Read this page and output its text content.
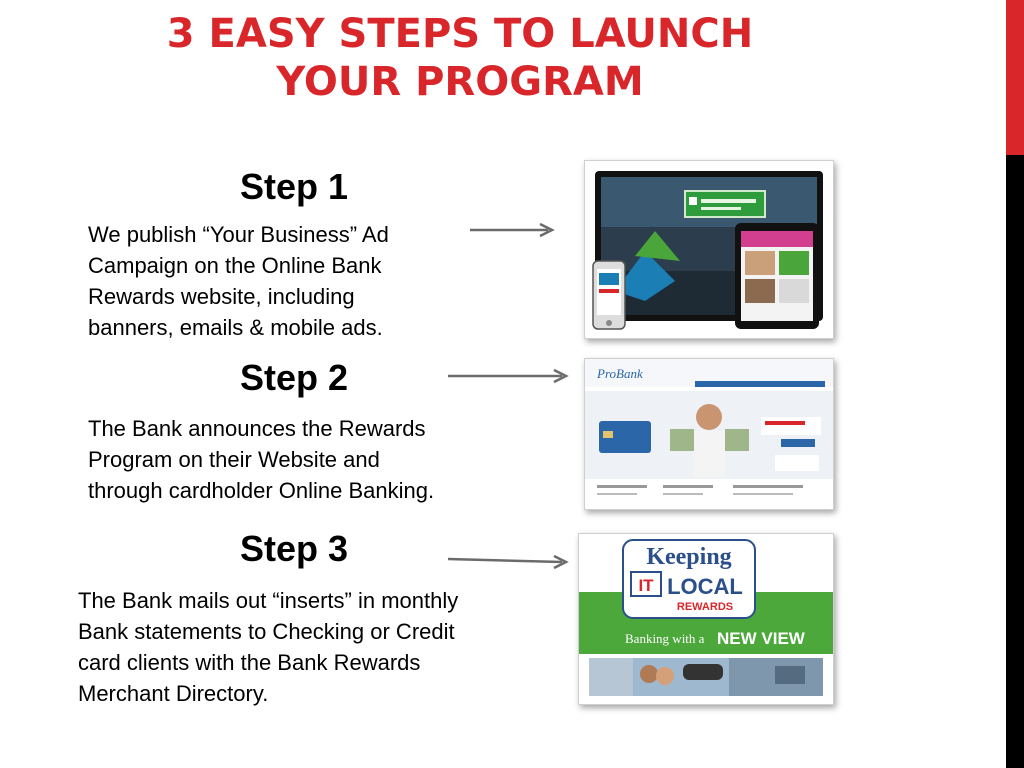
3 EASY STEPS TO LAUNCH
YOUR PROGRAM
Step 1
We publish “Your Business” Ad
Campaign on the Online Bank
Rewards website, including
banners, emails & mobile ads.
Step 2
The Bank announces the Rewards
Program on their Website and
through cardholder Online Banking.
ProBank
Step 3
The Bank mails out “inserts” in monthly
Bank statements to Checking or Credit
card clients with the Bank Rewards
Merchant Directory.
Keeping
IT LOCAL
REWARDS
Banking with a NEW VIEW
